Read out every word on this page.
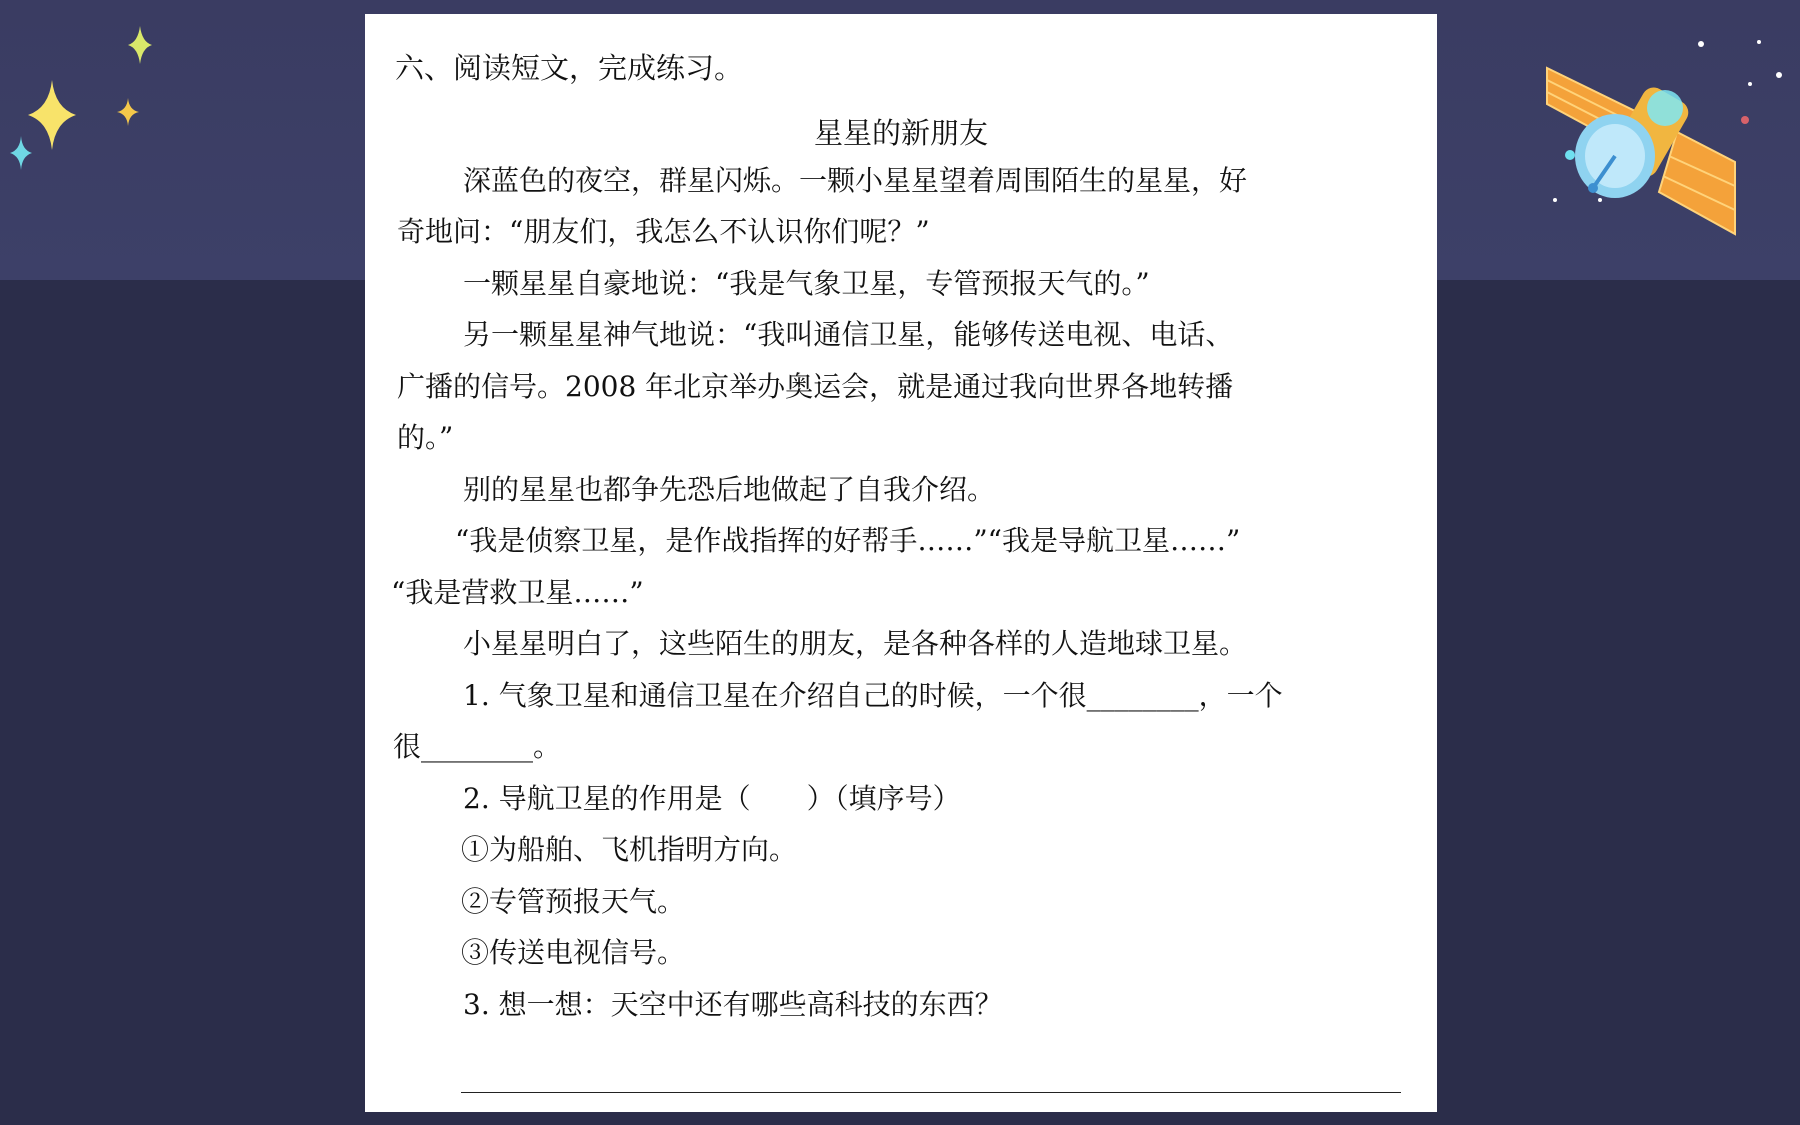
六、阅读短文，完成练习。
星星的新朋友
深蓝色的夜空，群星闪烁。一颗小星星望着周围陌生的星星，好
奇地问：“朋友们，我怎么不认识你们呢？”
一颗星星自豪地说：“我是气象卫星，专管预报天气的。”
另一颗星星神气地说：“我叫通信卫星，能够传送电视、电话、
广播的信号。2008 年北京举办奥运会，就是通过我向世界各地转播
的。”
别的星星也都争先恐后地做起了自我介绍。
“我是侦察卫星，是作战指挥的好帮手……”“我是导航卫星……”
“我是营救卫星……”
小星星明白了，这些陌生的朋友，是各种各样的人造地球卫星。
1. 气象卫星和通信卫星在介绍自己的时候，一个很________，一个
很________。
2. 导航卫星的作用是（　　）（填序号）
①为船舶、飞机指明方向。
②专管预报天气。
③传送电视信号。
3. 想一想：天空中还有哪些高科技的东西？
